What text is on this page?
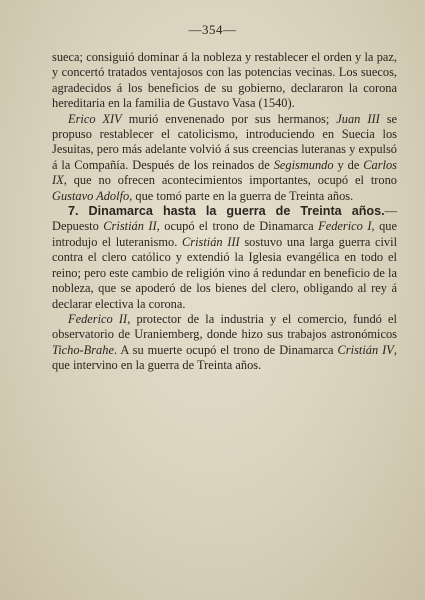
—354—

sueca; consiguió dominar á la nobleza y restablecer el orden y la paz, y concertó tratados ventajosos con las potencias vecinas. Los suecos, agradecidos á los beneficios de su gobierno, declararon la corona hereditaria en la familia de Gustavo Vasa (1540).

Erico XIV murió envenenado por sus hermanos; Juan III se propuso restablecer el catolicismo, introduciendo en Suecia los Jesuitas, pero más adelante volvió á sus creencias luteranas y expulsó á la Compañía. Después de los reinados de Segismundo y de Carlos IX, que no ofrecen acontecimientos importantes, ocupó el trono Gustavo Adolfo, que tomó parte en la guerra de Treinta años.

7. Dinamarca hasta la guerra de Treinta años.—Depuesto Cristián II, ocupó el trono de Dinamarca Federico I, que introdujo el luteranismo. Cristián III sostuvo una larga guerra civil contra el clero católico y extendió la Iglesia evangélica en todo el reino; pero este cambio de religión vino á redundar en beneficio de la nobleza, que se apoderó de los bienes del clero, obligando al rey á declarar electiva la corona.

Federico II, protector de la industria y el comercio, fundó el observatorio de Uraniemberg, donde hizo sus trabajos astronómicos Ticho-Brahe. A su muerte ocupó el trono de Dinamarca Cristián IV, que intervino en la guerra de Treinta años.
